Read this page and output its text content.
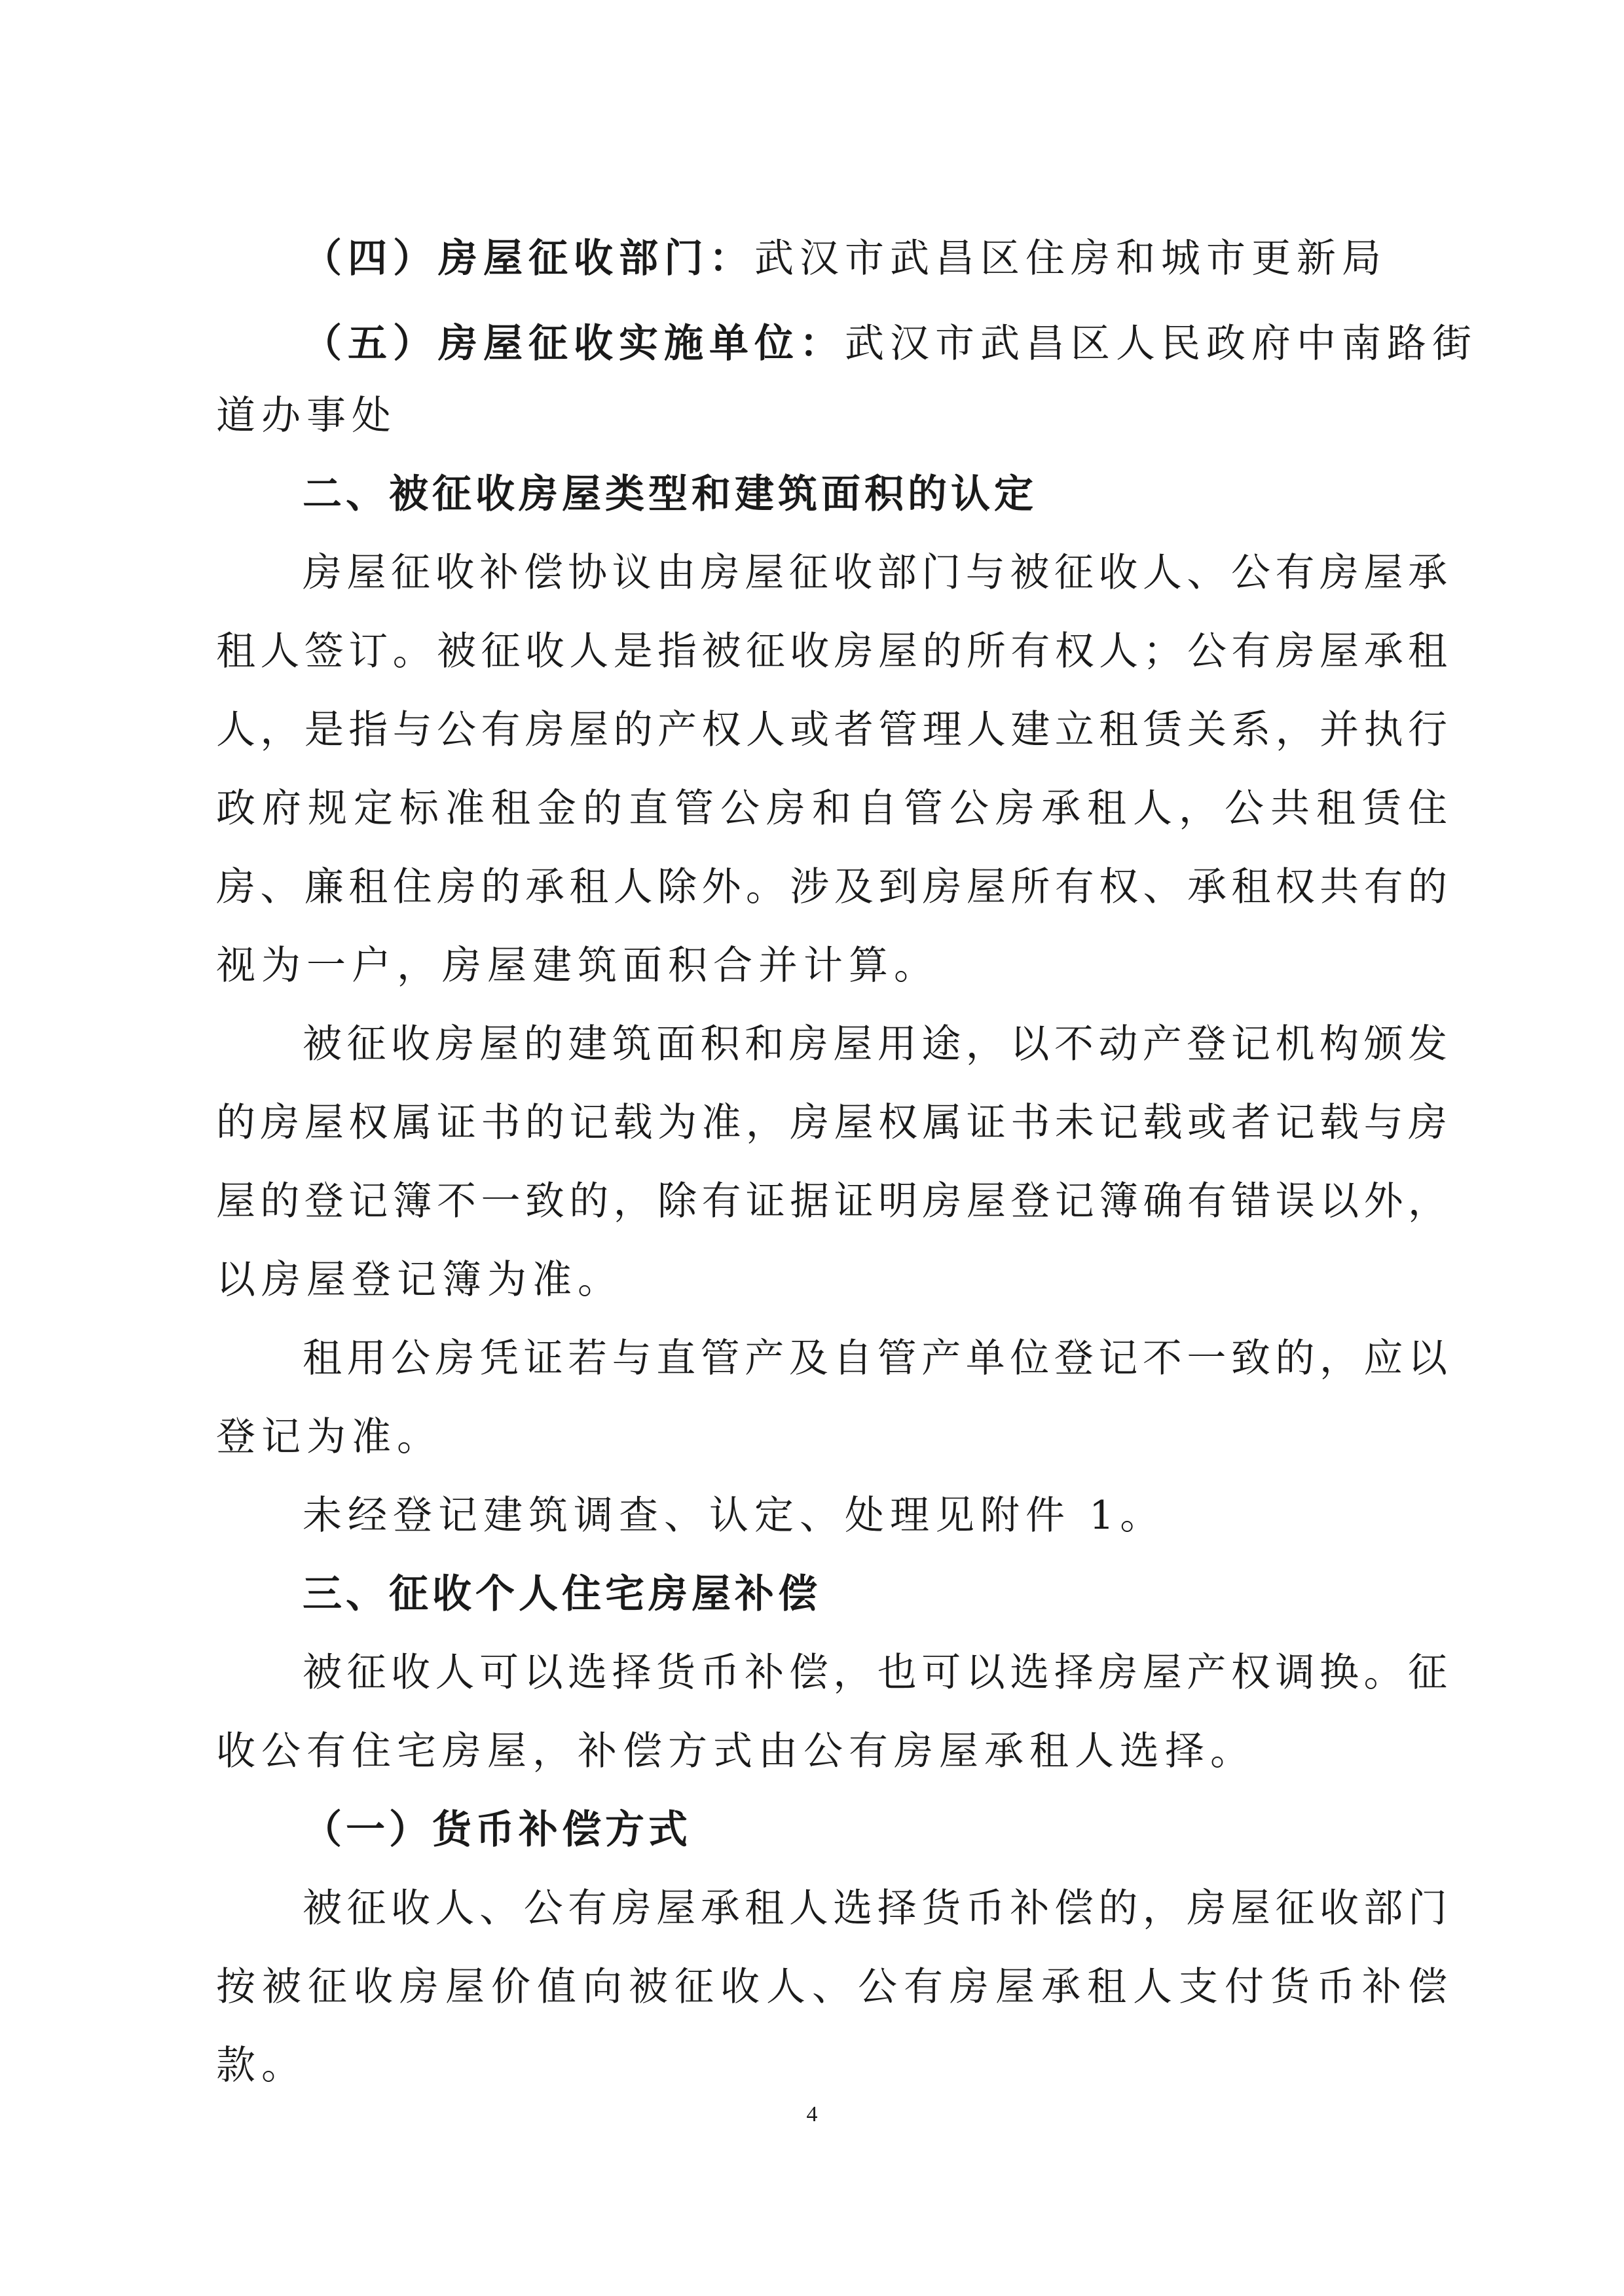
（四）房屋征收部门：武汉市武昌区住房和城市更新局
（五）房屋征收实施单位：武汉市武昌区人民政府中南路街
道办事处
二、被征收房屋类型和建筑面积的认定
房屋征收补偿协议由房屋征收部门与被征收人、公有房屋承
租人签订。被征收人是指被征收房屋的所有权人；公有房屋承租
人，是指与公有房屋的产权人或者管理人建立租赁关系，并执行
政府规定标准租金的直管公房和自管公房承租人，公共租赁住
房、廉租住房的承租人除外。涉及到房屋所有权、承租权共有的
视为一户，房屋建筑面积合并计算。
被征收房屋的建筑面积和房屋用途，以不动产登记机构颁发
的房屋权属证书的记载为准，房屋权属证书未记载或者记载与房
屋的登记簿不一致的，除有证据证明房屋登记簿确有错误以外，
以房屋登记簿为准。
租用公房凭证若与直管产及自管产单位登记不一致的，应以
登记为准。
未经登记建筑调查、认定、处理见附件 1。
三、征收个人住宅房屋补偿
被征收人可以选择货币补偿，也可以选择房屋产权调换。征
收公有住宅房屋，补偿方式由公有房屋承租人选择。
（一）货币补偿方式
被征收人、公有房屋承租人选择货币补偿的，房屋征收部门
按被征收房屋价值向被征收人、公有房屋承租人支付货币补偿
款。
4
